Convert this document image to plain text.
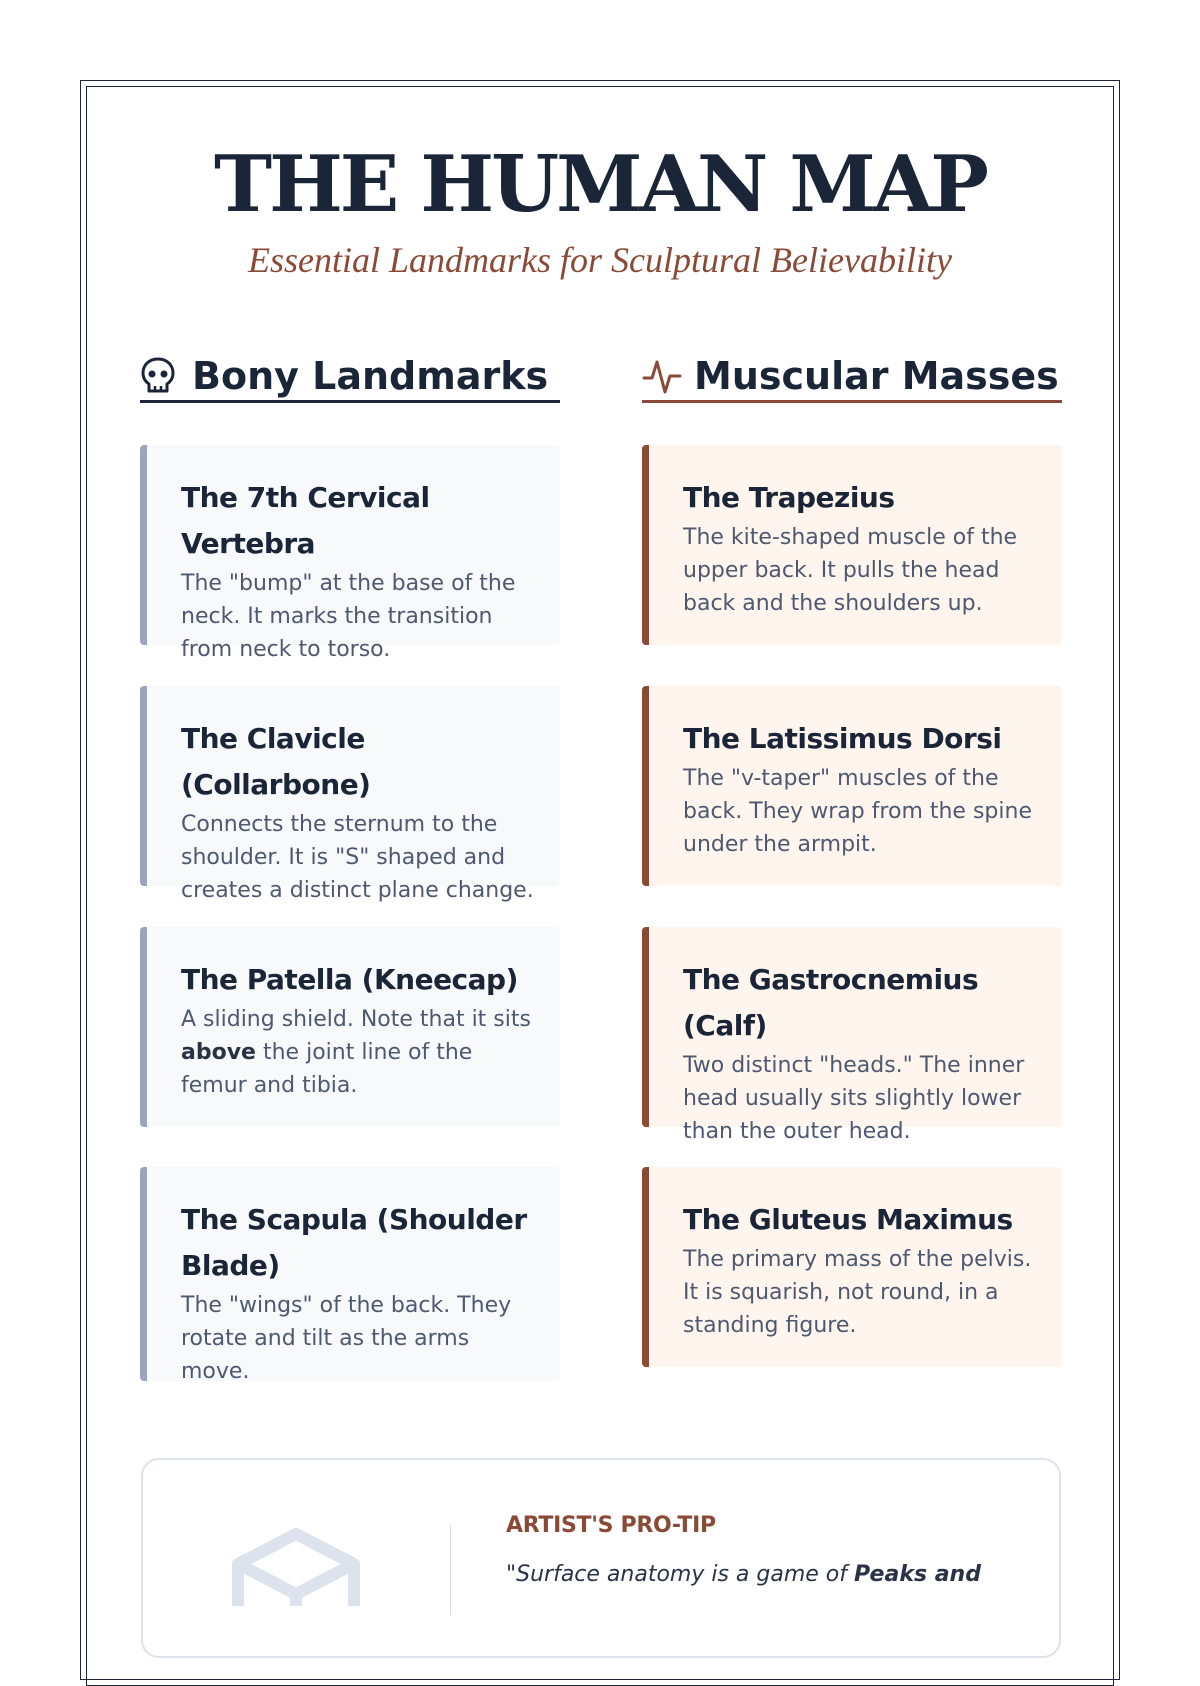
THE HUMAN MAP
Essential Landmarks for Sculptural Believability
Bony Landmarks	Muscular Masses
The 7th Cervical Vertebra

The "bump" at the base of the neck. It marks the transition from neck to torso.

The Clavicle (Collarbone)

Connects the sternum to the shoulder. It is "S" shaped and creates a distinct plane change.

The Patella (Kneecap)

A sliding shield. Note that it sits above the joint line of the femur and tibia.

The Scapula (Shoulder Blade)

The "wings" of the back. They rotate and tilt as the arms move.

The Trapezius

The kite-shaped muscle of the upper back. It pulls the head back and the shoulders up.

The Latissimus Dorsi

The "v-taper" muscles of the back. They wrap from the spine under the armpit.

The Gastrocnemius (Calf)

Two distinct "heads." The inner head usually sits slightly lower than the outer head.

The Gluteus Maximus

The primary mass of the pelvis. It is squarish, not round, in a standing figure.

ARTIST'S PRO-TIP
"Surface anatomy is a game of Peaks and
